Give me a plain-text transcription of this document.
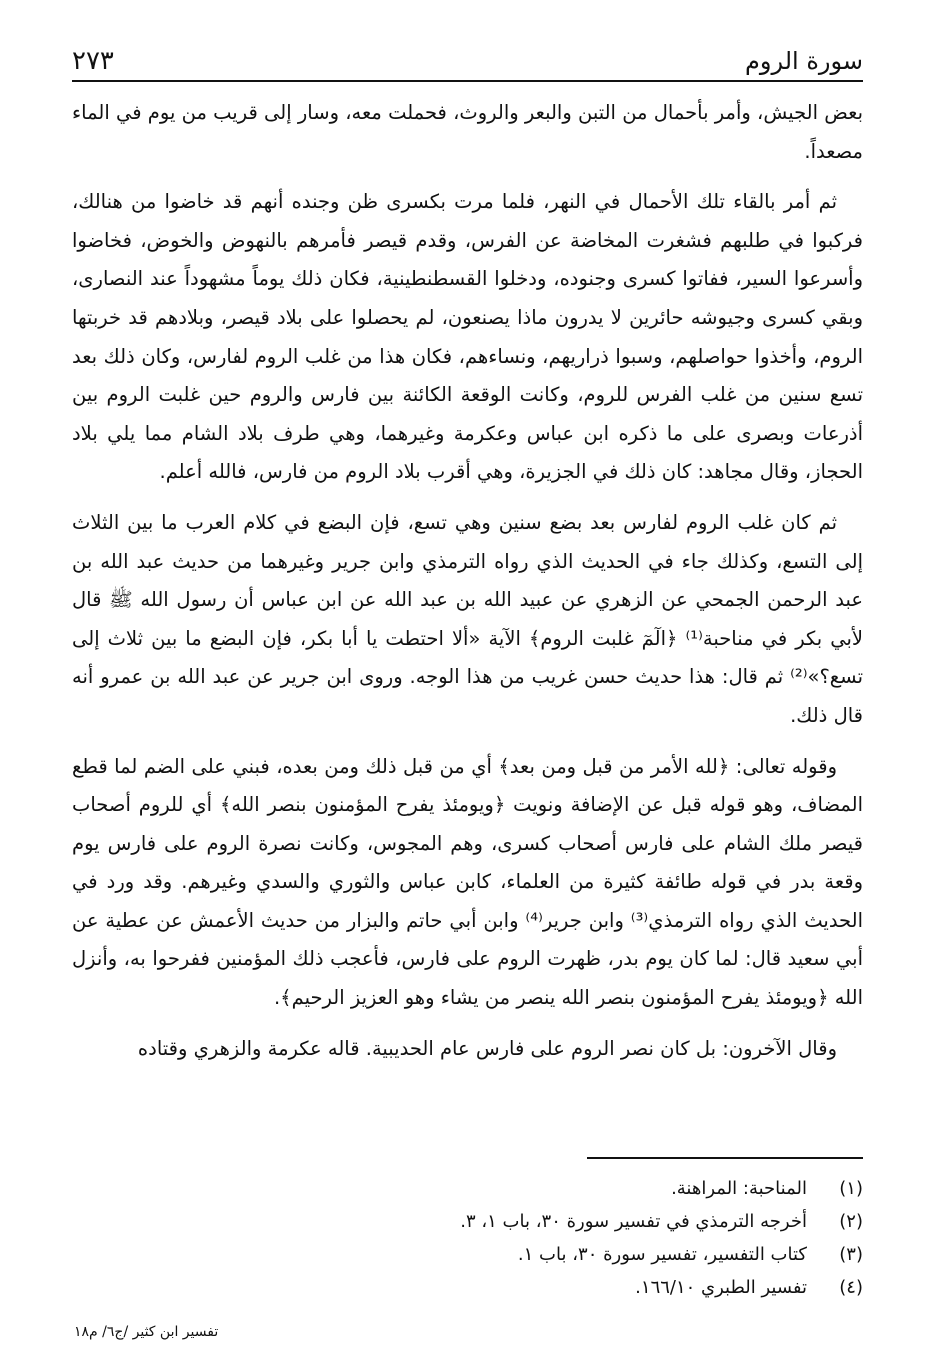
سورة الروم
٢٧٣

بعض الجيش، وأمر بأحمال من التبن والبعر والروث، فحملت معه، وسار إلى قريب من يوم في الماء مصعداً.

ثم أمر بالقاء تلك الأحمال في النهر، فلما مرت بكسرى ظن وجنده أنهم قد خاضوا من هنالك، فركبوا في طلبهم فشغرت المخاضة عن الفرس، وقدم قيصر فأمرهم بالنهوض والخوض، فخاضوا وأسرعوا السير، ففاتوا كسرى وجنوده، ودخلوا القسطنطينية، فكان ذلك يوماً مشهوداً عند النصارى، وبقي كسرى وجيوشه حائرين لا يدرون ماذا يصنعون، لم يحصلوا على بلاد قيصر، وبلادهم قد خربتها الروم، وأخذوا حواصلهم، وسبوا ذراريهم، ونساءهم، فكان هذا من غلب الروم لفارس، وكان ذلك بعد تسع سنين من غلب الفرس للروم، وكانت الوقعة الكائنة بين فارس والروم حين غلبت الروم بين أذرعات وبصرى على ما ذكره ابن عباس وعكرمة وغيرهما، وهي طرف بلاد الشام مما يلي بلاد الحجاز، وقال مجاهد: كان ذلك في الجزيرة، وهي أقرب بلاد الروم من فارس، فالله أعلم.

ثم كان غلب الروم لفارس بعد بضع سنين وهي تسع، فإن البضع في كلام العرب ما بين الثلاث إلى التسع، وكذلك جاء في الحديث الذي رواه الترمذي وابن جرير وغيرهما من حديث عبد الله بن عبد الرحمن الجمحي عن الزهري عن عبيد الله بن عبد الله عن ابن عباس أن رسول الله ﷺ قال لأبي بكر في مناحبة⁽¹⁾ ﴿الٓمٓ غلبت الروم﴾ الآية «ألا احتطت يا أبا بكر، فإن البضع ما بين ثلاث إلى تسع؟»⁽²⁾ ثم قال: هذا حديث حسن غريب من هذا الوجه. وروى ابن جرير عن عبد الله بن عمرو أنه قال ذلك.

وقوله تعالى: ﴿لله الأمر من قبل ومن بعد﴾ أي من قبل ذلك ومن بعده، فبني على الضم لما قطع المضاف، وهو قوله قبل عن الإضافة ونويت ﴿ويومئذ يفرح المؤمنون بنصر الله﴾ أي للروم أصحاب قيصر ملك الشام على فارس أصحاب كسرى، وهم المجوس، وكانت نصرة الروم على فارس يوم وقعة بدر في قوله طائفة كثيرة من العلماء، كابن عباس والثوري والسدي وغيرهم. وقد ورد في الحديث الذي رواه الترمذي⁽³⁾ وابن جرير⁽⁴⁾ وابن أبي حاتم والبزار من حديث الأعمش عن عطية عن أبي سعيد قال: لما كان يوم بدر، ظهرت الروم على فارس، فأعجب ذلك المؤمنين ففرحوا به، وأنزل الله ﴿ويومئذ يفرح المؤمنون بنصر الله ينصر من يشاء وهو العزيز الرحيم﴾.

وقال الآخرون: بل كان نصر الروم على فارس عام الحديبية. قاله عكرمة والزهري وقتاده

(١)
المناحبة: المراهنة.
(٢)
أخرجه الترمذي في تفسير سورة ٣٠، باب ١، ٣.
(٣)
كتاب التفسير، تفسير سورة ٣٠، باب ١.
(٤)
تفسير الطبري ١٦٦/١٠.
تفسير ابن كثير /ج٦/ م١٨
